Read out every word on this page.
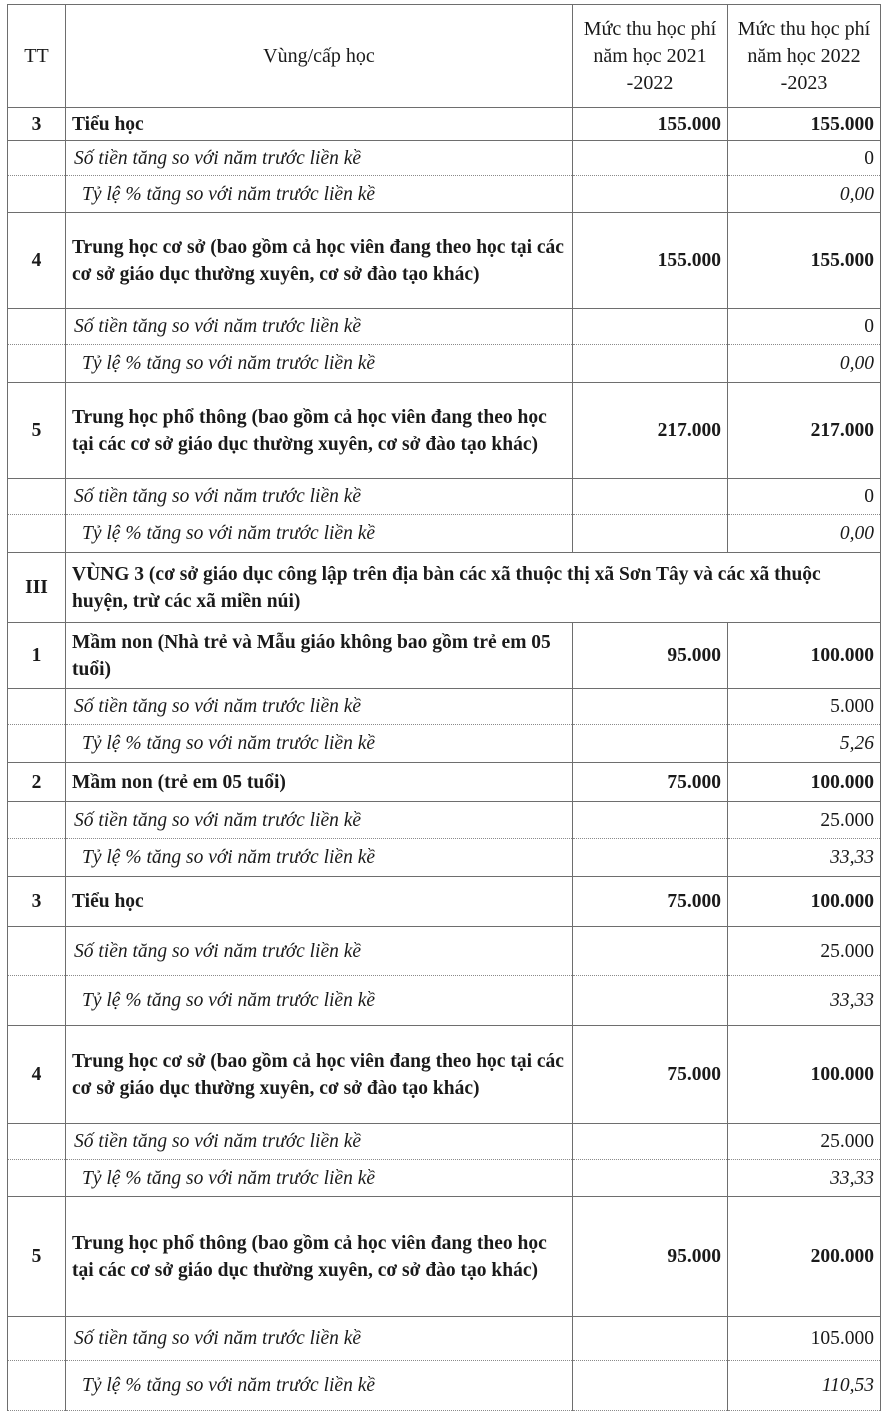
TT	Vùng/cấp học	Mức thu học phí năm học 2021 -2022	Mức thu học phí năm học 2022 -2023
3	Tiểu học	155.000	155.000
	Số tiền tăng so với năm trước liền kề		0
	Tỷ lệ % tăng so với năm trước liền kề		0,00
4	Trung học cơ sở (bao gồm cả học viên đang theo học tại các cơ sở giáo dục thường xuyên, cơ sở đào tạo khác)	155.000	155.000
	Số tiền tăng so với năm trước liền kề		0
	Tỷ lệ % tăng so với năm trước liền kề		0,00
5	Trung học phổ thông (bao gồm cả học viên đang theo học tại các cơ sở giáo dục thường xuyên, cơ sở đào tạo khác)	217.000	217.000
	Số tiền tăng so với năm trước liền kề		0
	Tỷ lệ % tăng so với năm trước liền kề		0,00
III	VÙNG 3 (cơ sở giáo dục công lập trên địa bàn các xã thuộc thị xã Sơn Tây và các xã thuộc huyện, trừ các xã miền núi)		
1	Mầm non (Nhà trẻ và Mẫu giáo không bao gồm trẻ em 05 tuổi)	95.000	100.000
	Số tiền tăng so với năm trước liền kề		5.000
	Tỷ lệ % tăng so với năm trước liền kề		5,26
2	Mầm non (trẻ em 05 tuổi)	75.000	100.000
	Số tiền tăng so với năm trước liền kề		25.000
	Tỷ lệ % tăng so với năm trước liền kề		33,33
3	Tiểu học	75.000	100.000
	Số tiền tăng so với năm trước liền kề		25.000
	Tỷ lệ % tăng so với năm trước liền kề		33,33
4	Trung học cơ sở (bao gồm cả học viên đang theo học tại các cơ sở giáo dục thường xuyên, cơ sở đào tạo khác)	75.000	100.000
	Số tiền tăng so với năm trước liền kề		25.000
	Tỷ lệ % tăng so với năm trước liền kề		33,33
5	Trung học phổ thông (bao gồm cả học viên đang theo học tại các cơ sở giáo dục thường xuyên, cơ sở đào tạo khác)	95.000	200.000
	Số tiền tăng so với năm trước liền kề		105.000
	Tỷ lệ % tăng so với năm trước liền kề		110,53
